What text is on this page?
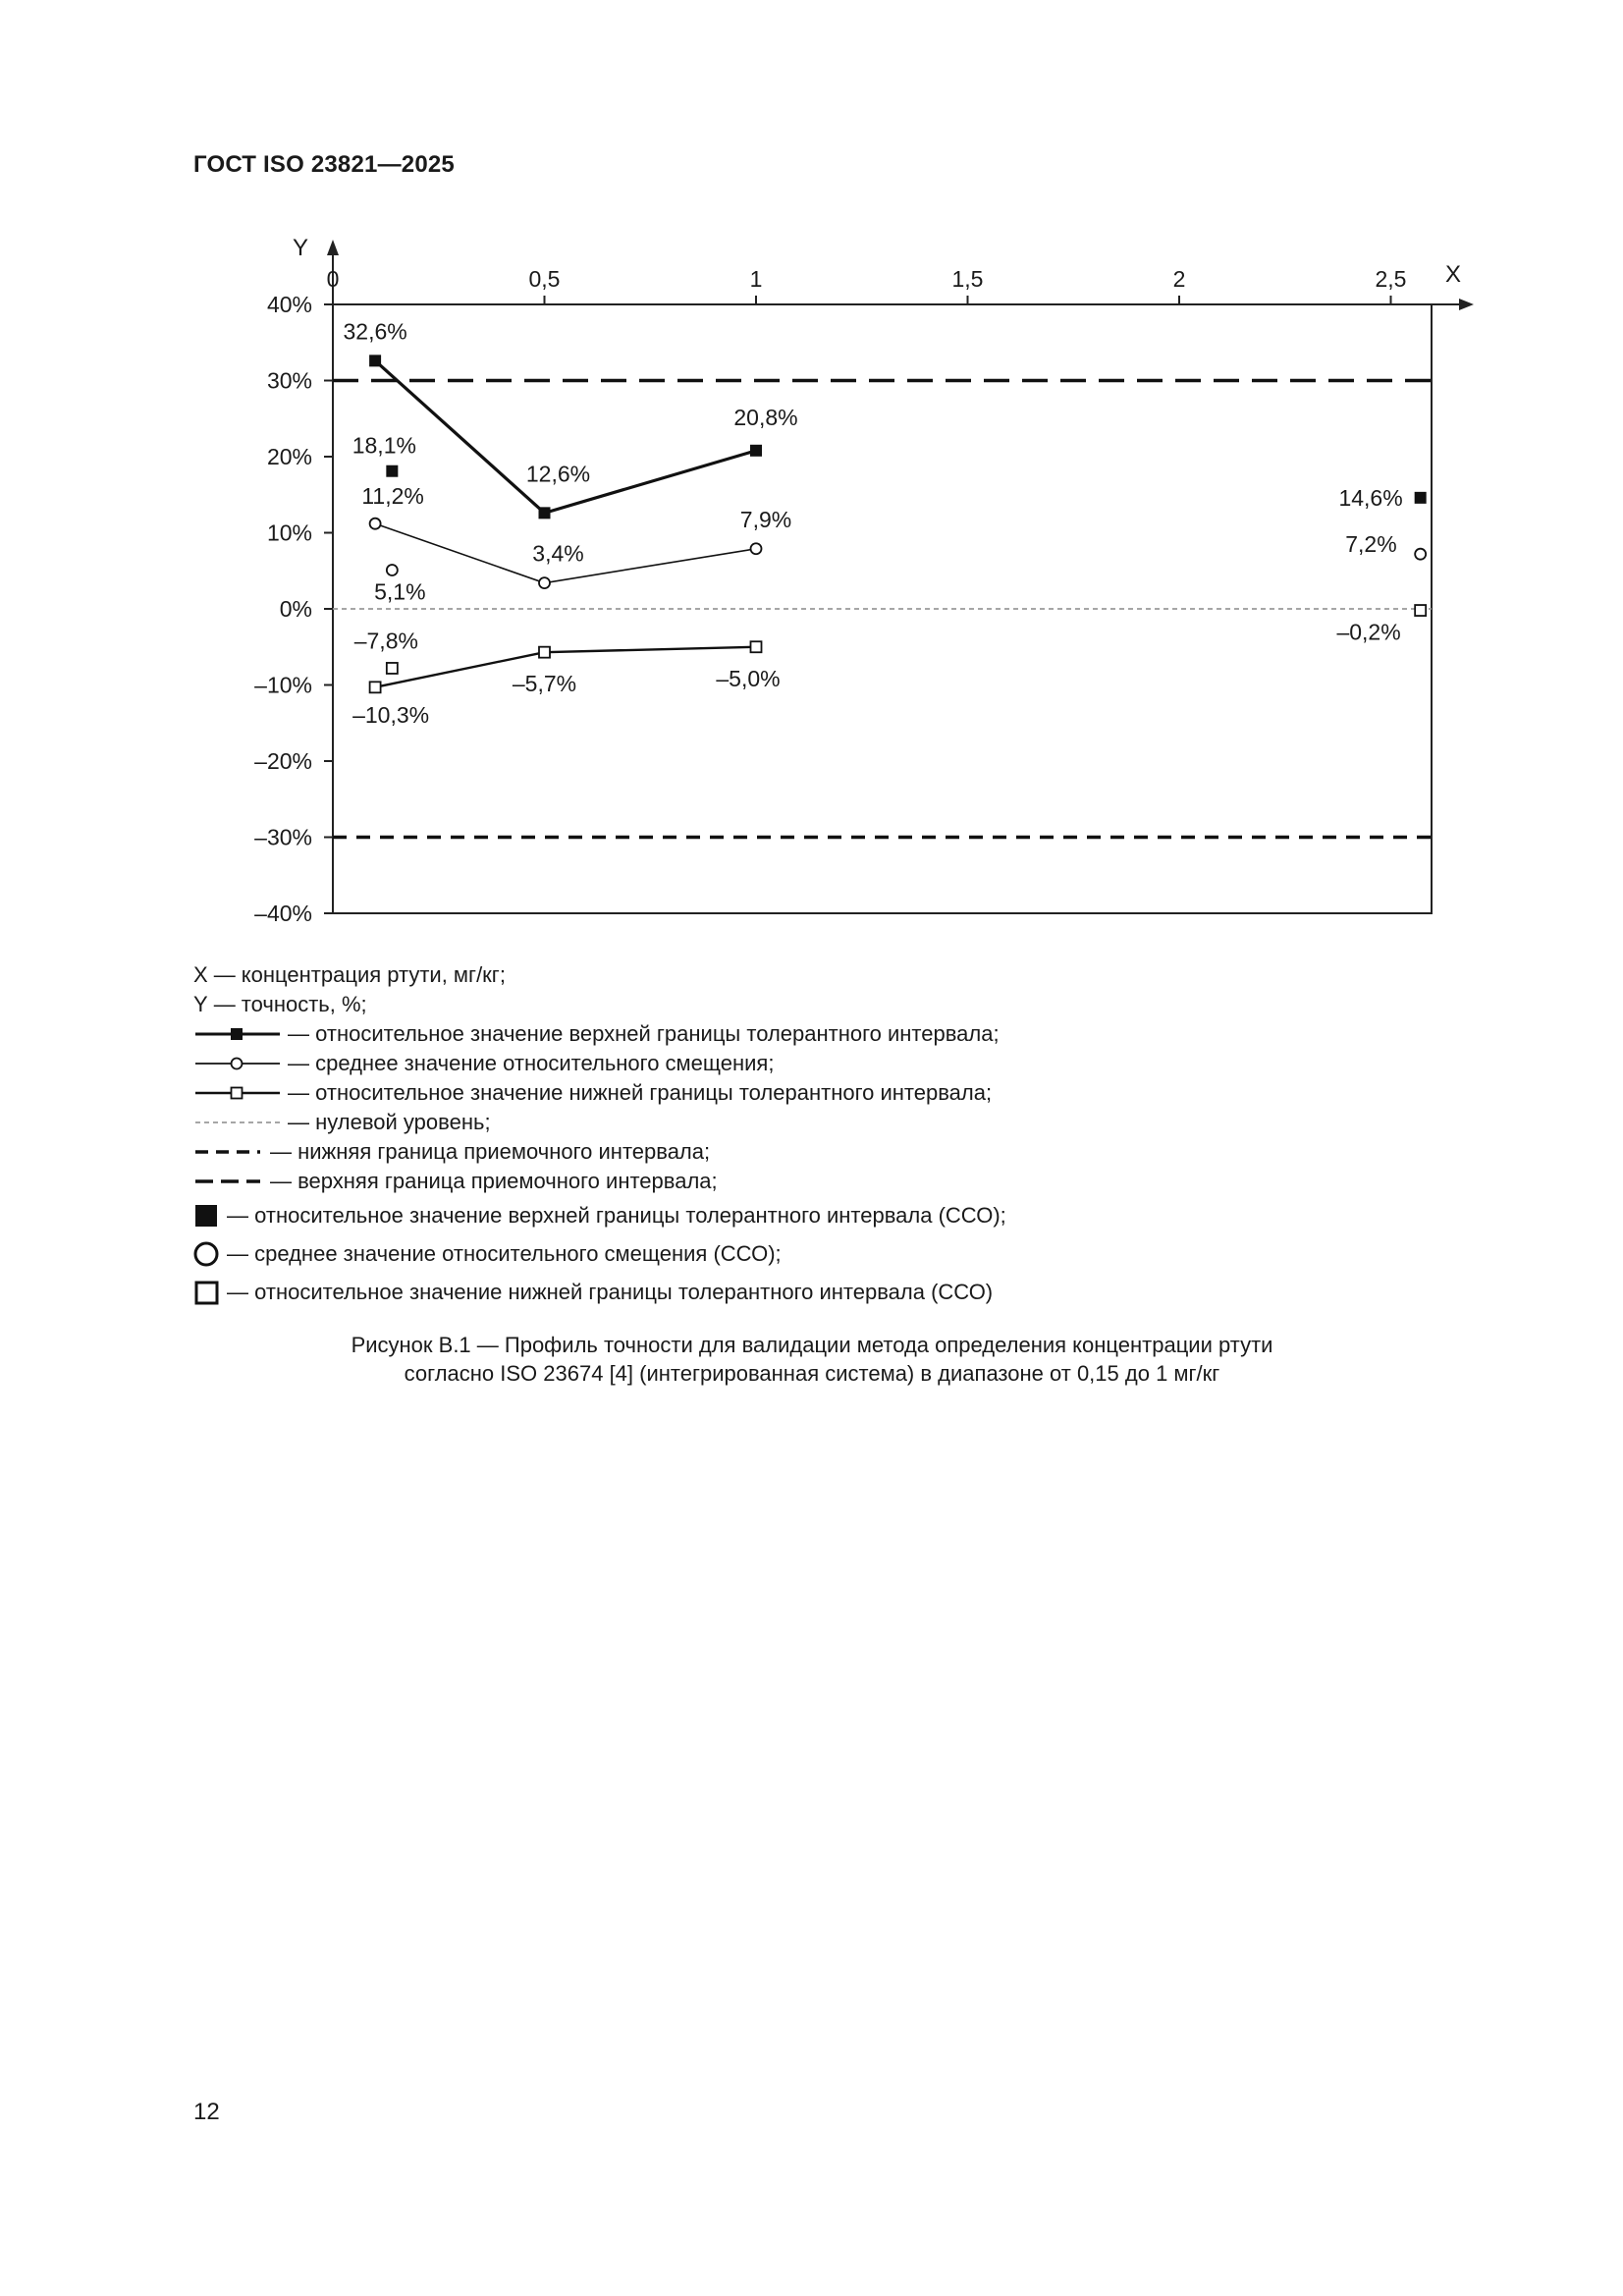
ГОСТ ISO 23821—2025
X
Y
0	0,5	1	1,5	2	2,5
40%
30%
20%
10%
0%
–10%
–20%
–30%
–40%
32,6%
12,6%
20,8%
11,2%
3,4%
7,9%
–10,3%
–5,7%	–5,0%
18,1%
5,1%
–7,8%
14,6%
7,2%
–0,2%
X — концентрация ртути, мг/кг;
Y — точность, %;
— относительное значение верхней границы толерантного интервала;
— среднее значение относительного смещения;
— относительное значение нижней границы толерантного интервала;
— нулевой уровень;
— нижняя граница приемочного интервала;
— верхняя граница приемочного интервала;
— относительное значение верхней границы толерантного интервала (ССО);
— среднее значение относительного смещения (ССО);
— относительное значение нижней границы толерантного интервала (ССО)
Рисунок B.1 — Профиль точности для валидации метода определения концентрации ртути
согласно ISO 23674 [4] (интегрированная система) в диапазоне от 0,15 до 1 мг/кг
12
